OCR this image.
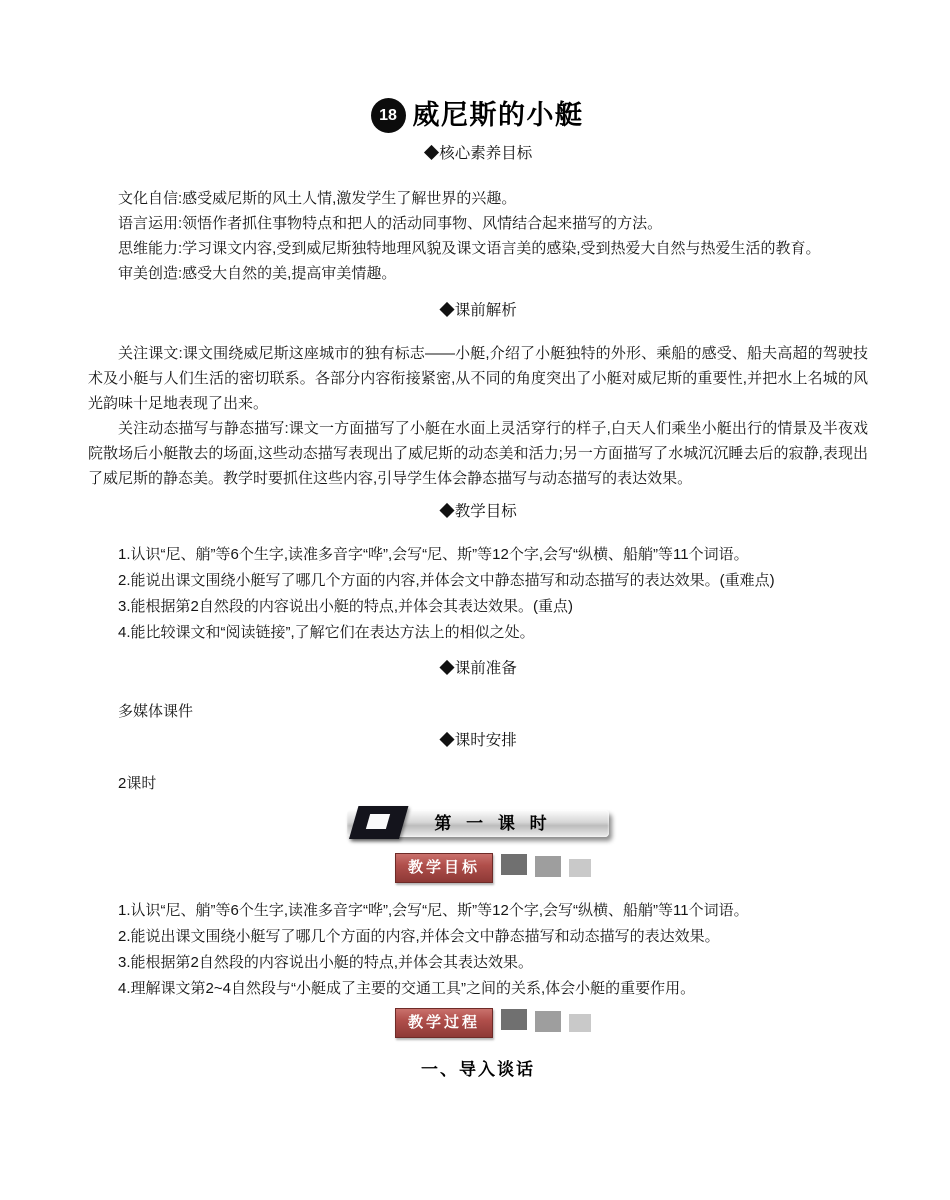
18 威尼斯的小艇
◆核心素养目标

文化自信:感受威尼斯的风土人情,激发学生了解世界的兴趣。

语言运用:领悟作者抓住事物特点和把人的活动同事物、风情结合起来描写的方法。

思维能力:学习课文内容,受到威尼斯独特地理风貌及课文语言美的感染,受到热爱大自然与热爱生活的教育。

审美创造:感受大自然的美,提高审美情趣。

◆课前解析

关注课文:课文围绕威尼斯这座城市的独有标志——小艇,介绍了小艇独特的外形、乘船的感受、船夫高超的驾驶技术及小艇与人们生活的密切联系。各部分内容衔接紧密,从不同的角度突出了小艇对威尼斯的重要性,并把水上名城的风光韵味十足地表现了出来。

关注动态描写与静态描写:课文一方面描写了小艇在水面上灵活穿行的样子,白天人们乘坐小艇出行的情景及半夜戏院散场后小艇散去的场面,这些动态描写表现出了威尼斯的动态美和活力;另一方面描写了水城沉沉睡去后的寂静,表现出了威尼斯的静态美。教学时要抓住这些内容,引导学生体会静态描写与动态描写的表达效果。

◆教学目标

1.认识“尼、艄”等6个生字,读准多音字“哗”,会写“尼、斯”等12个字,会写“纵横、船艄”等11个词语。

2.能说出课文围绕小艇写了哪几个方面的内容,并体会文中静态描写和动态描写的表达效果。(重难点)

3.能根据第2自然段的内容说出小艇的特点,并体会其表达效果。(重点)

4.能比较课文和“阅读链接”,了解它们在表达方法上的相似之处。

◆课前准备

多媒体课件

◆课时安排

2课时

第 一 课 时
教学目标

1.认识“尼、艄”等6个生字,读准多音字“哗”,会写“尼、斯”等12个字,会写“纵横、船艄”等11个词语。

2.能说出课文围绕小艇写了哪几个方面的内容,并体会文中静态描写和动态描写的表达效果。

3.能根据第2自然段的内容说出小艇的特点,并体会其表达效果。

4.理解课文第2~4自然段与“小艇成了主要的交通工具”之间的关系,体会小艇的重要作用。

教学过程
一、导入谈话
